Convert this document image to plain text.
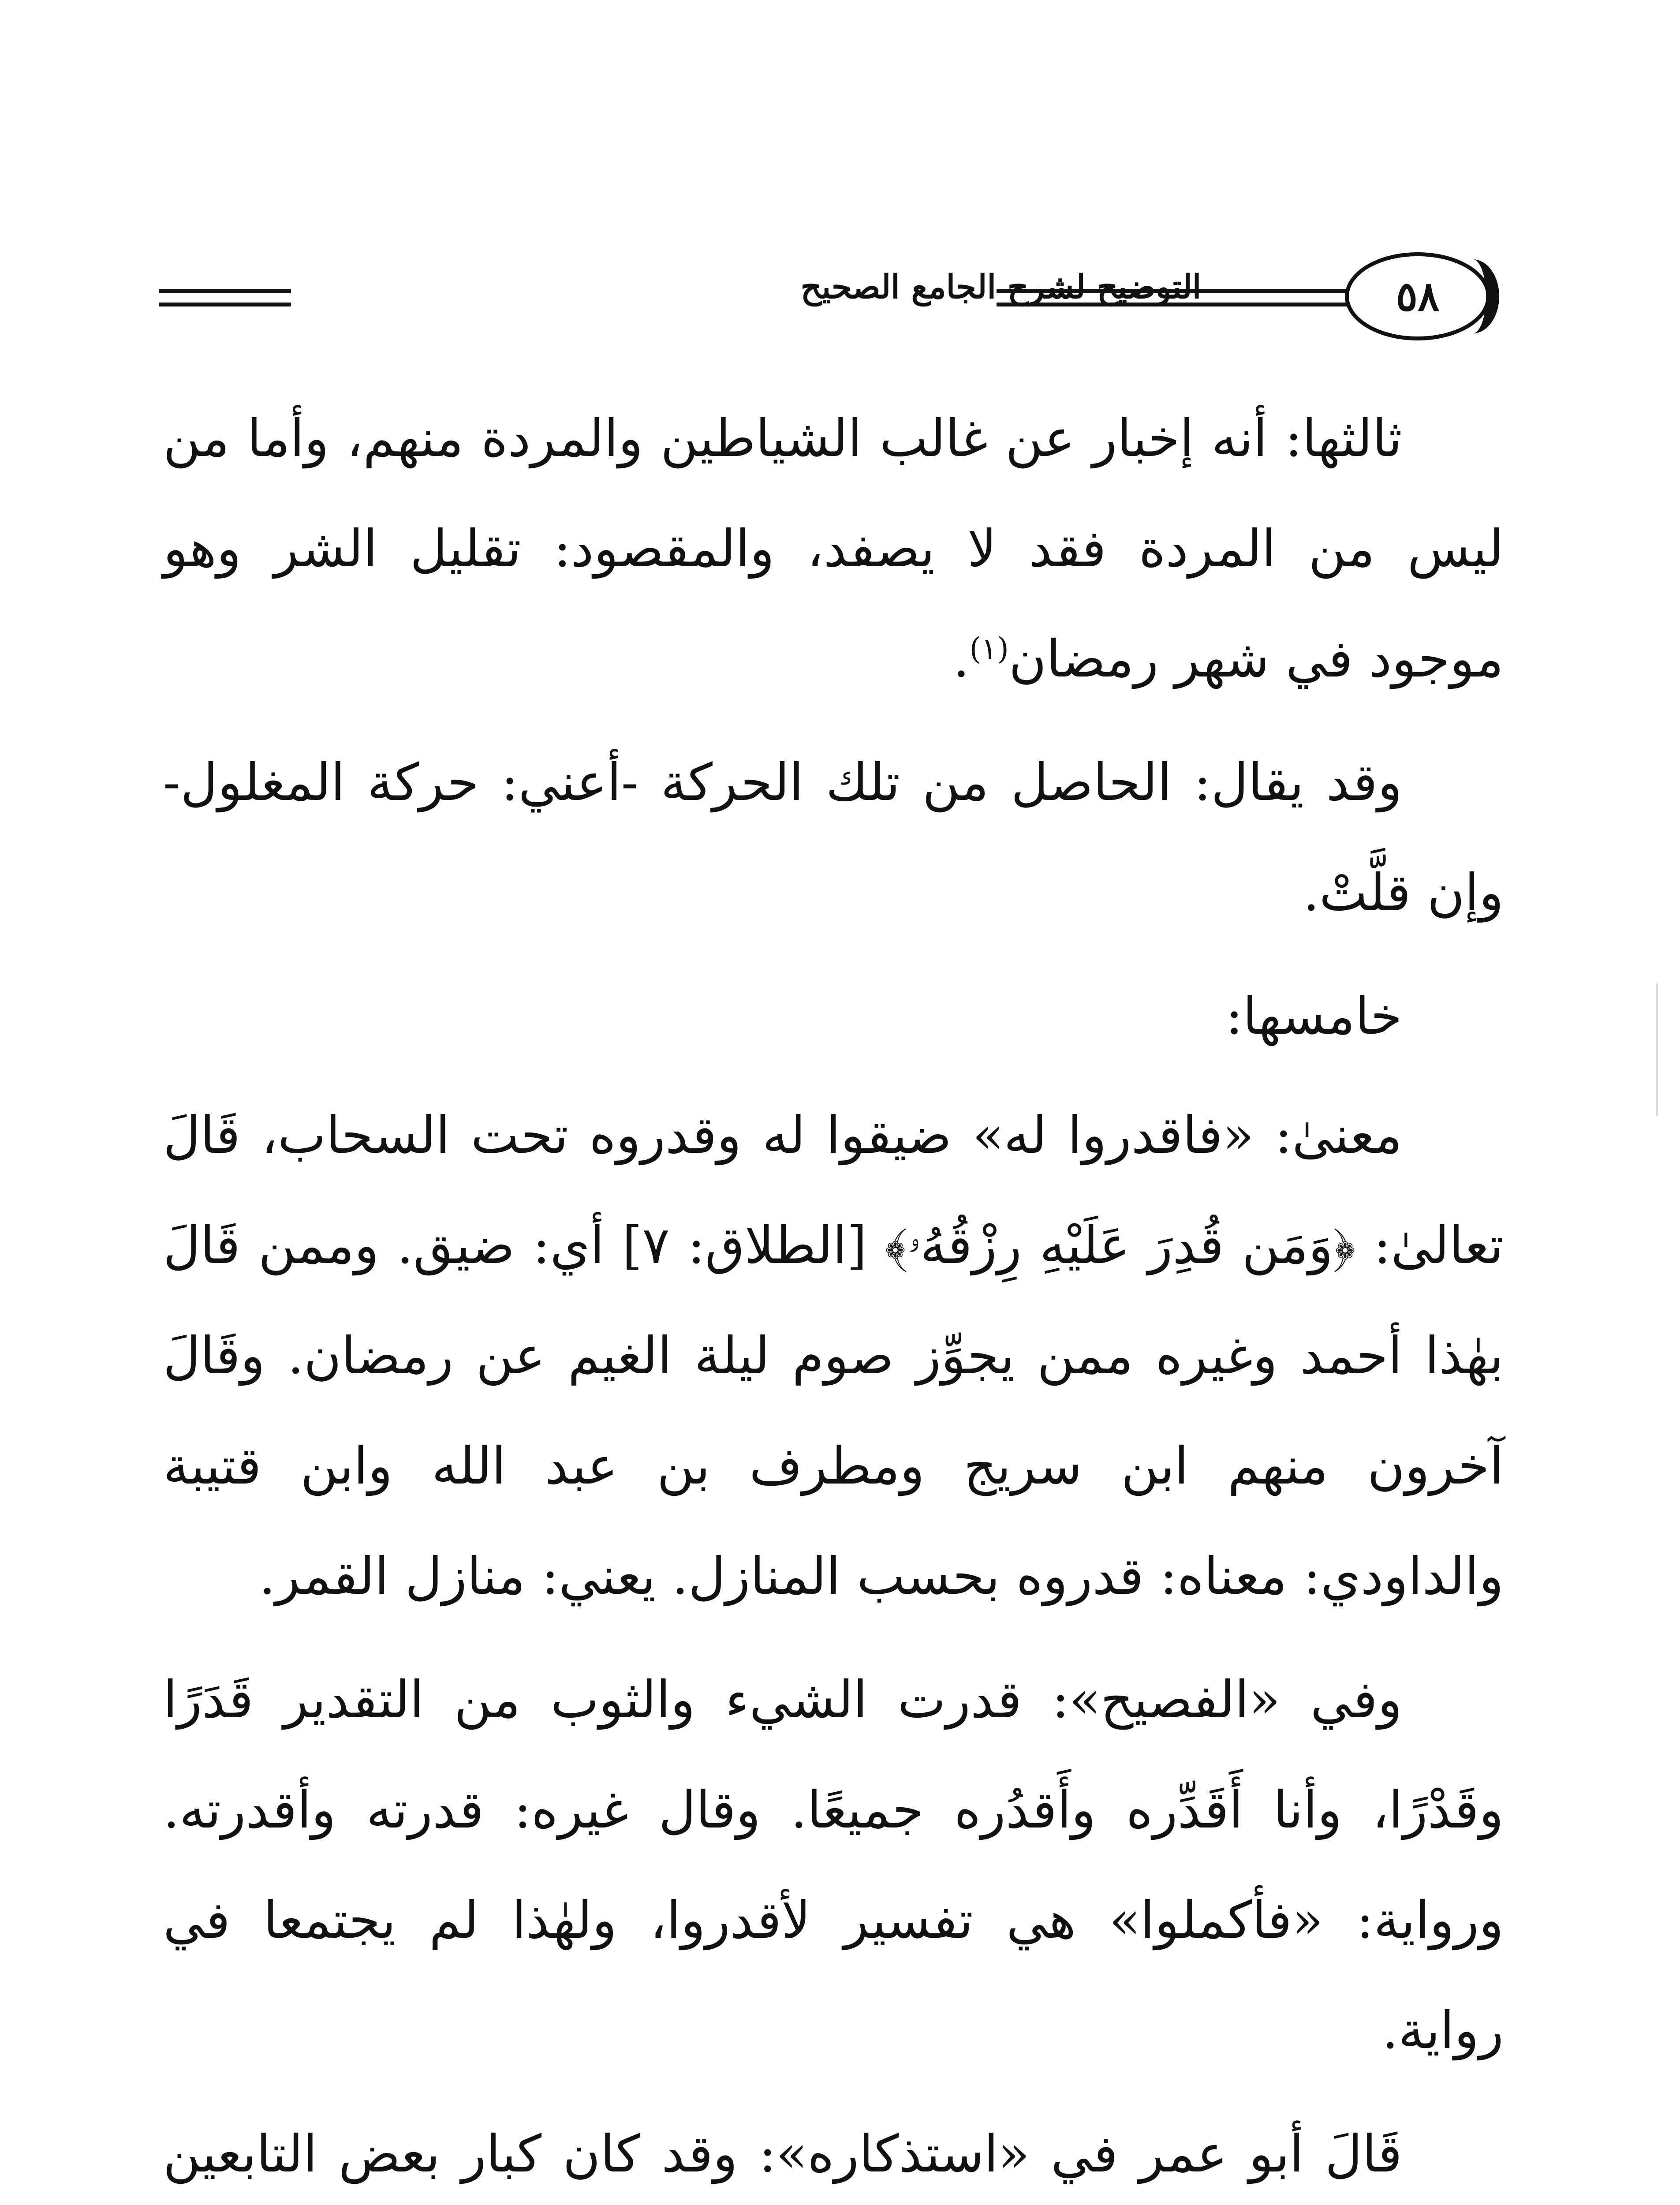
التوضيح لشرح الجامع الصحيح	٥٨

ثالثها: أنه إخبار عن غالب الشياطين والمردة منهم، وأما من ليس من المردة فقد لا يصفد، والمقصود: تقليل الشر وهو موجود في شهر رمضان$^{(١)}$.

وقد يقال: الحاصل من تلك الحركة -أعني: حركة المغلول- وإن قلَّتْ.

خامسها:

معنىٰ: «فاقدروا له» ضيقوا له وقدروه تحت السحاب، قَالَ تعالىٰ: ﴿وَمَن قُدِرَ عَلَيْهِ رِزْقُهُۥ﴾ [الطلاق: ٧] أي: ضيق. وممن قَالَ بهٰذا أحمد وغيره ممن يجوِّز صوم ليلة الغيم عن رمضان. وقَالَ آخرون منهم ابن سريج ومطرف بن عبد الله وابن قتيبة والداودي: معناه: قدروه بحسب المنازل. يعني: منازل القمر.

وفي «الفصيح»: قدرت الشيء والثوب من التقدير قَدَرًا وقَدْرًا، وأنا أَقَدِّره وأَقدُره جميعًا. وقال غيره: قدرته وأقدرته. ورواية: «فأكملوا» هي تفسير لأقدروا، ولهٰذا لم يجتمعا في رواية.

قَالَ أبو عمر في «استذكاره»: وقد كان كبار بعض التابعين
